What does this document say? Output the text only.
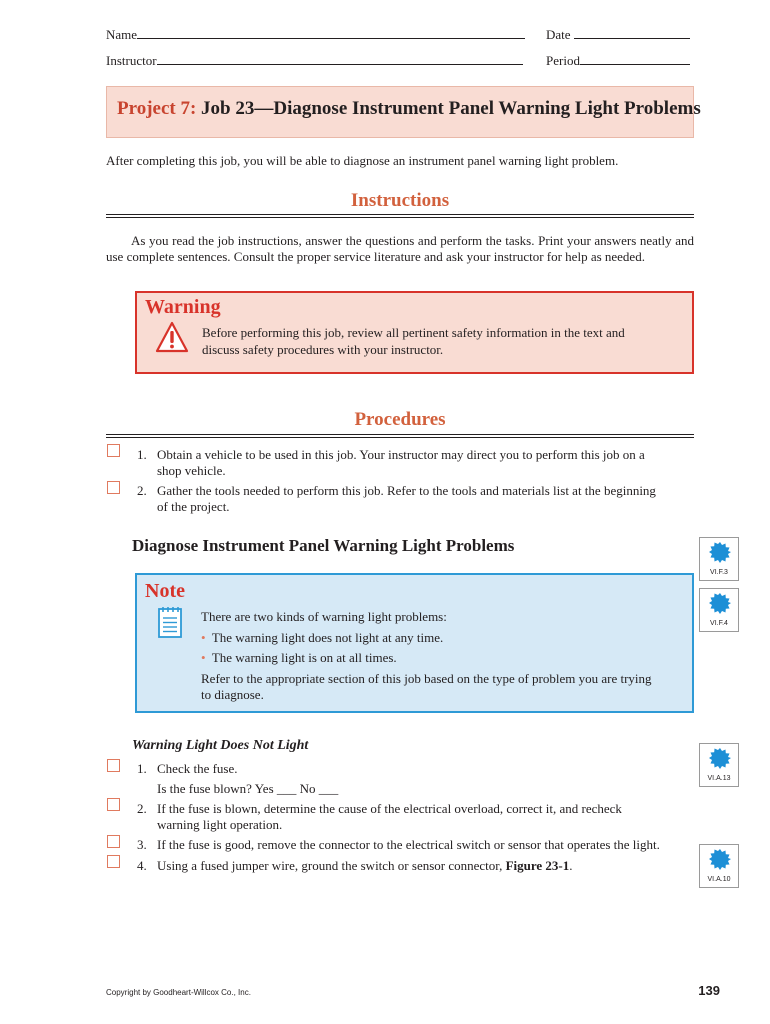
Name	Date
Instructor	Period
Project 7: Job 23—Diagnose Instrument Panel Warning Light Problems
After completing this job, you will be able to diagnose an instrument panel warning light problem.
Instructions
As you read the job instructions, answer the questions and perform the tasks. Print your answers neatly and use complete sentences. Consult the proper service literature and ask your instructor for help as needed.
Warning
Before performing this job, review all pertinent safety information in the text and
discuss safety procedures with your instructor.
Procedures
1. Obtain a vehicle to be used in this job. Your instructor may direct you to perform this job on a
shop vehicle.
2. Gather the tools needed to perform this job. Refer to the tools and materials list at the beginning
of the project.
Diagnose Instrument Panel Warning Light Problems
Note
There are two kinds of warning light problems:
• The warning light does not light at any time.
• The warning light is on at all times.
Refer to the appropriate section of this job based on the type of problem you are trying
to diagnose.
Warning Light Does Not Light
1. Check the fuse.
Is the fuse blown? Yes ___ No ___
2. If the fuse is blown, determine the cause of the electrical overload, correct it, and recheck
warning light operation.
3. If the fuse is good, remove the connector to the electrical switch or sensor that operates the light.
4. Using a fused jumper wire, ground the switch or sensor connector, Figure 23-1.
VI.F.3
VI.F.4
VI.A.13
VI.A.10
Copyright by Goodheart-Willcox Co., Inc.	139
